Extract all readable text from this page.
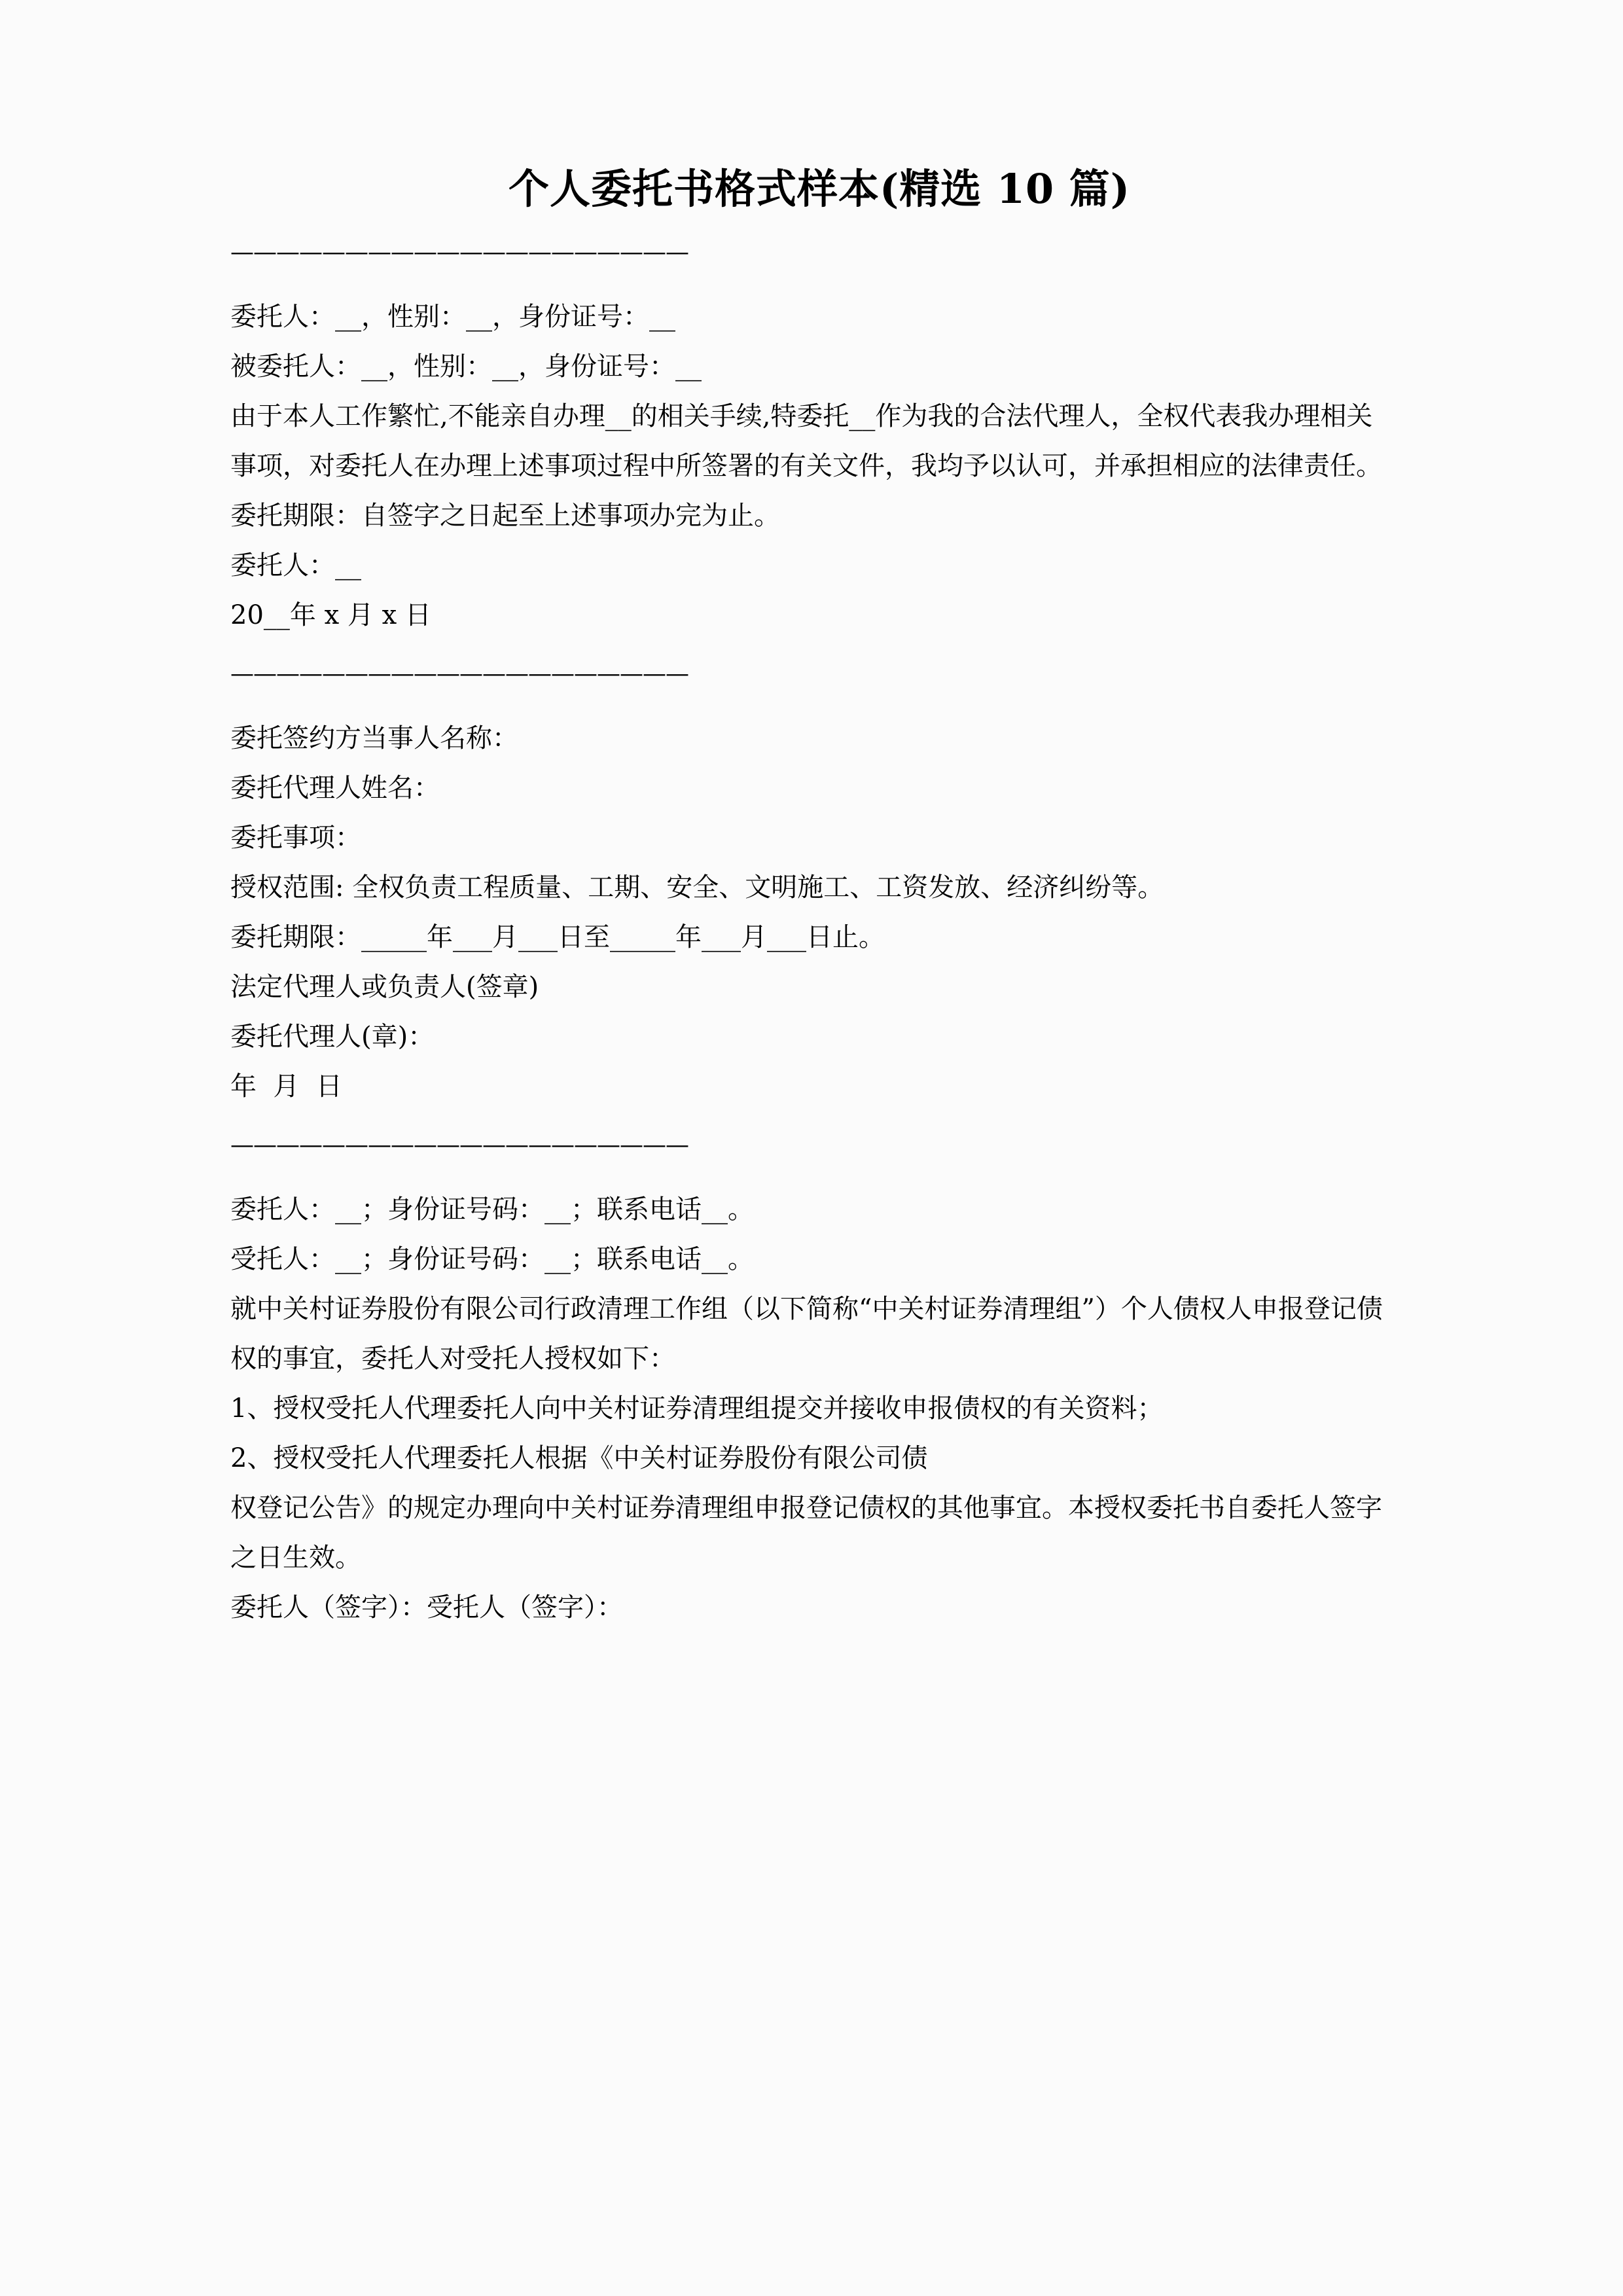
个人委托书格式样本(精选 10 篇)
————————————————————

委托人：__，性别：__，身份证号：__

被委托人：__，性别：__，身份证号：__

由于本人工作繁忙,不能亲自办理__的相关手续,特委托__作为我的合法代理人，全权代表我办理相关事项，对委托人在办理上述事项过程中所签署的有关文件，我均予以认可，并承担相应的法律责任。

委托期限：自签字之日起至上述事项办完为止。

委托人：__

20__年 x 月 x 日

————————————————————

委托签约方当事人名称：

委托代理人姓名：

委托事项：

授权范围: 全权负责工程质量、工期、安全、文明施工、工资发放、经济纠纷等。

委托期限：_____年___月___日至_____年___月___日止。

法定代理人或负责人(签章)

委托代理人(章)：

年  月  日

————————————————————

委托人：__；身份证号码：__；联系电话__。

受托人：__；身份证号码：__；联系电话__。

就中关村证券股份有限公司行政清理工作组（以下简称“中关村证券清理组”）个人债权人申报登记债权的事宜，委托人对受托人授权如下：

1、授权受托人代理委托人向中关村证券清理组提交并接收申报债权的有关资料；

2、授权受托人代理委托人根据《中关村证券股份有限公司债

权登记公告》的规定办理向中关村证券清理组申报登记债权的其他事宜。本授权委托书自委托人签字之日生效。

委托人（签字）：受托人（签字）：
